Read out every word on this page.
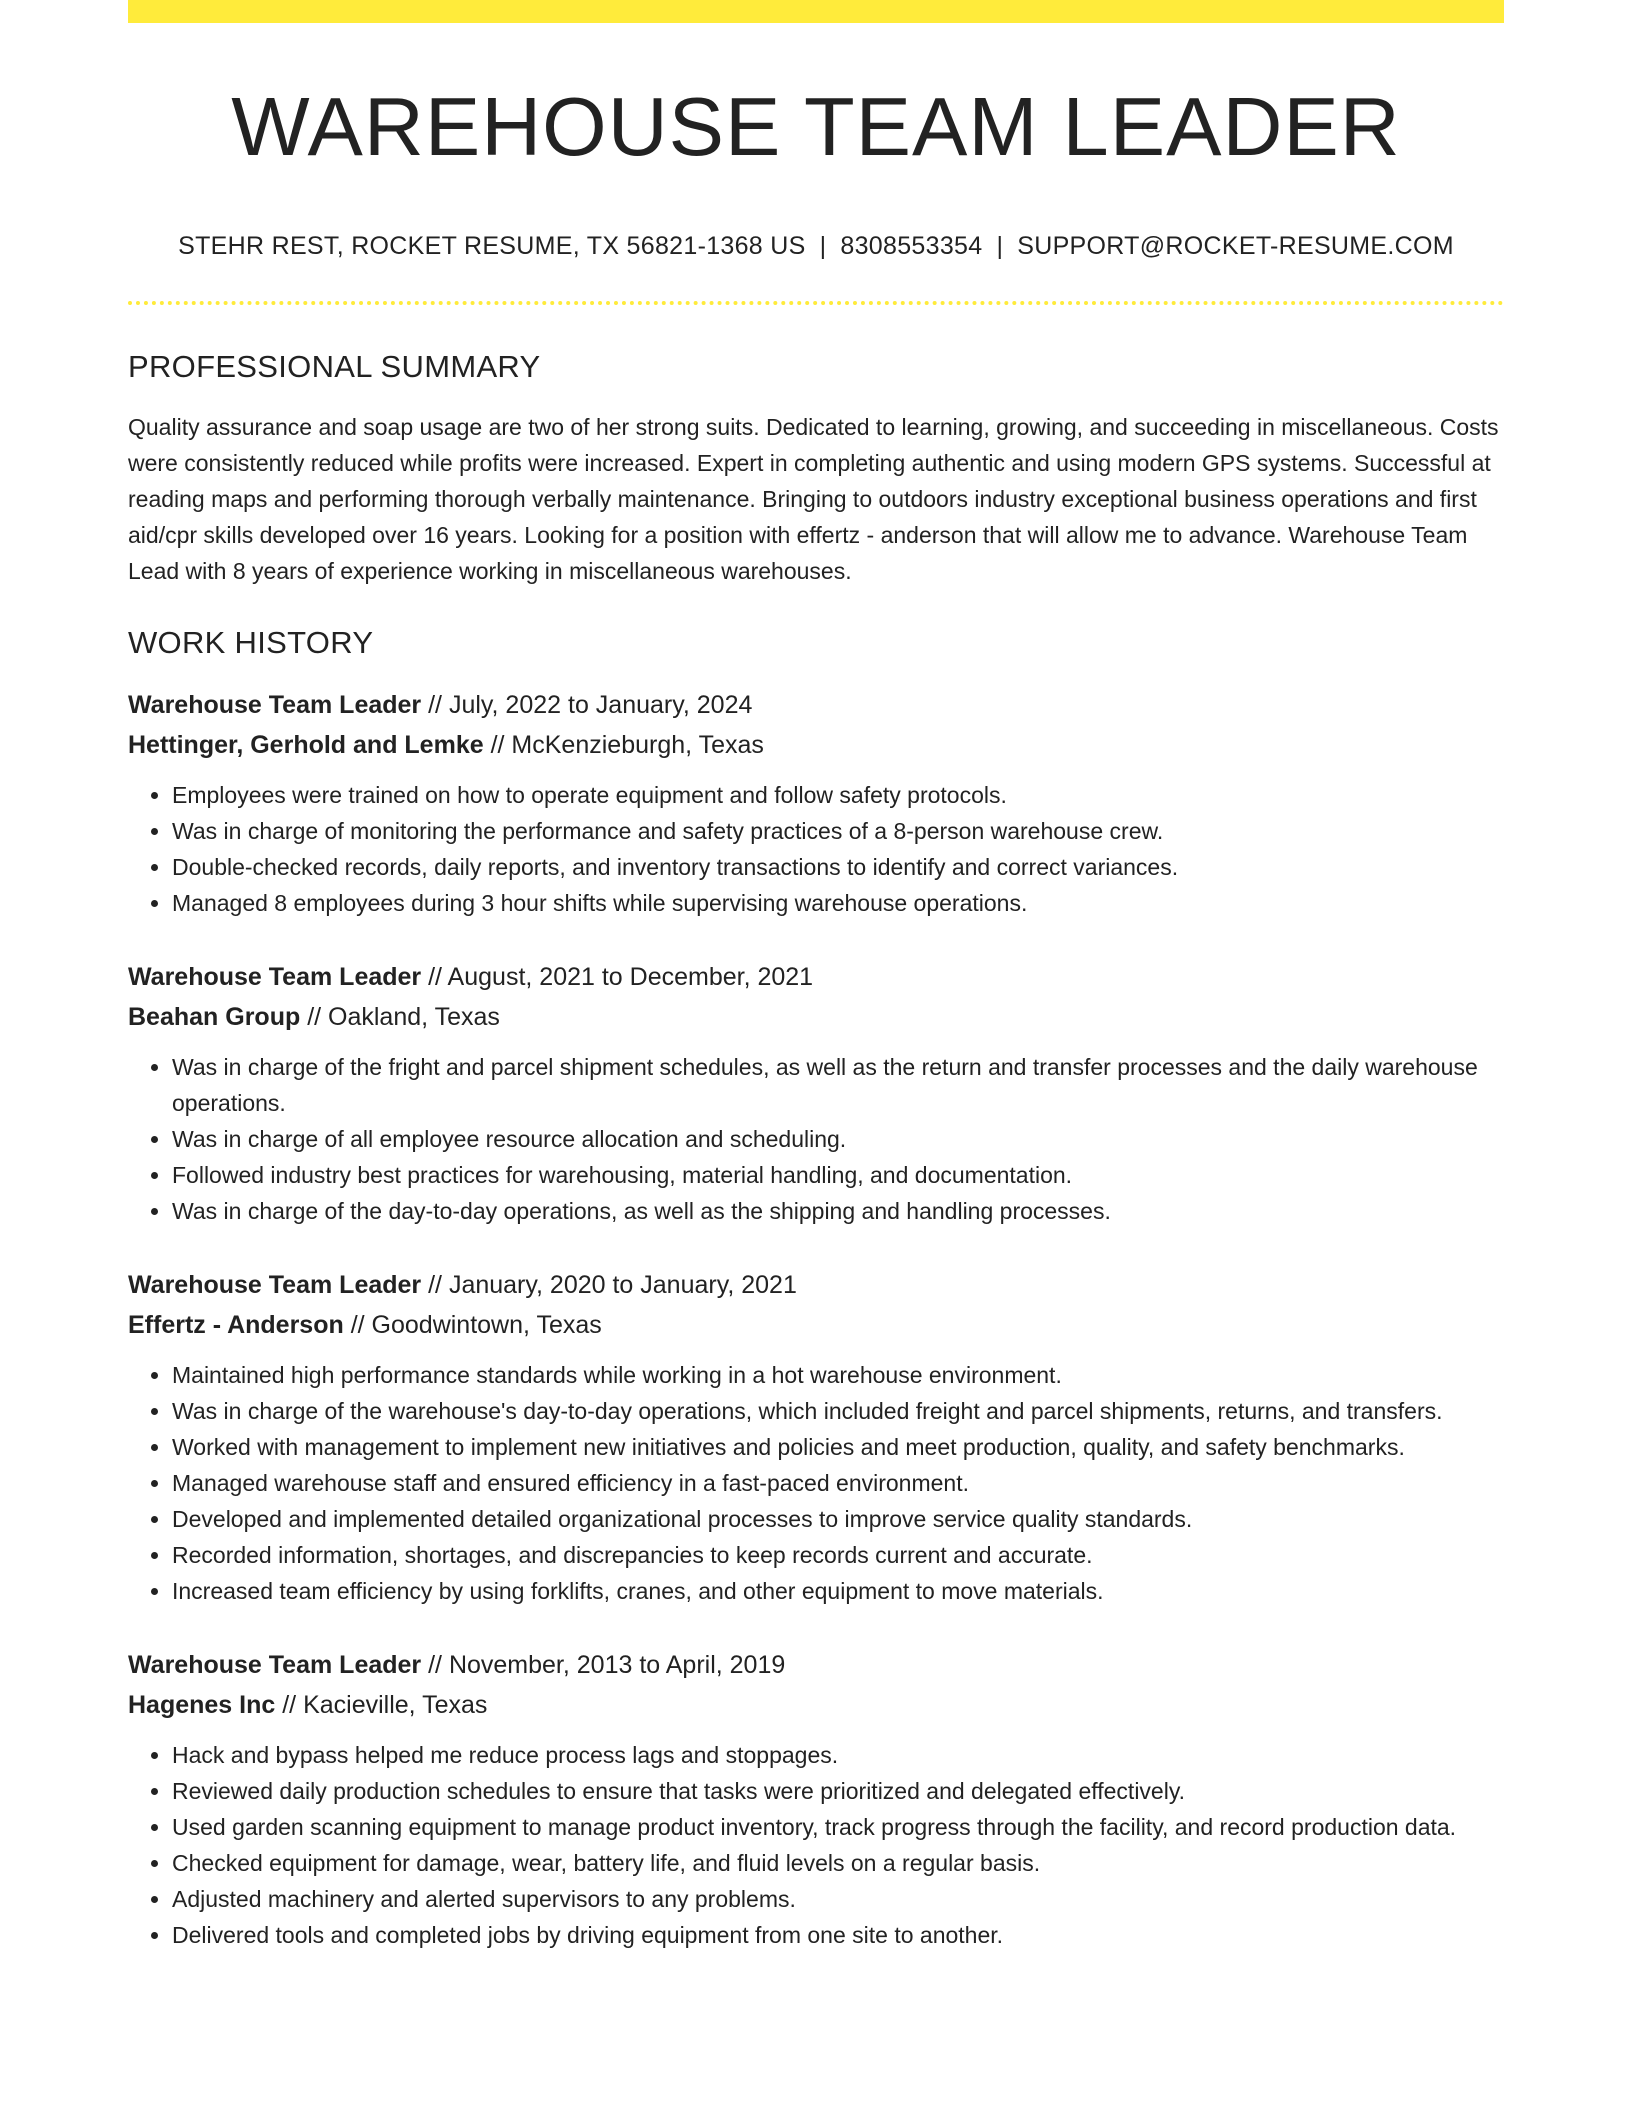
WAREHOUSE TEAM LEADER
STEHR REST, ROCKET RESUME, TX 56821-1368 US | 8308553354 | SUPPORT@ROCKET-RESUME.COM
PROFESSIONAL SUMMARY

Quality assurance and soap usage are two of her strong suits. Dedicated to learning, growing, and succeeding in miscellaneous. Costs were consistently reduced while profits were increased. Expert in completing authentic and using modern GPS systems. Successful at reading maps and performing thorough verbally maintenance. Bringing to outdoors industry exceptional business operations and first aid/cpr skills developed over 16 years. Looking for a position with effertz - anderson that will allow me to advance. Warehouse Team Lead with 8 years of experience working in miscellaneous warehouses.

WORK HISTORY
Warehouse Team Leader // July, 2022 to January, 2024
Hettinger, Gerhold and Lemke // McKenzieburgh, Texas
• Employees were trained on how to operate equipment and follow safety protocols.
• Was in charge of monitoring the performance and safety practices of a 8-person warehouse crew.
• Double-checked records, daily reports, and inventory transactions to identify and correct variances.
• Managed 8 employees during 3 hour shifts while supervising warehouse operations.
Warehouse Team Leader // August, 2021 to December, 2021
Beahan Group // Oakland, Texas
• Was in charge of the fright and parcel shipment schedules, as well as the return and transfer processes and the daily warehouse operations.
• Was in charge of all employee resource allocation and scheduling.
• Followed industry best practices for warehousing, material handling, and documentation.
• Was in charge of the day-to-day operations, as well as the shipping and handling processes.
Warehouse Team Leader // January, 2020 to January, 2021
Effertz - Anderson // Goodwintown, Texas
• Maintained high performance standards while working in a hot warehouse environment.
• Was in charge of the warehouse's day-to-day operations, which included freight and parcel shipments, returns, and transfers.
• Worked with management to implement new initiatives and policies and meet production, quality, and safety benchmarks.
• Managed warehouse staff and ensured efficiency in a fast-paced environment.
• Developed and implemented detailed organizational processes to improve service quality standards.
• Recorded information, shortages, and discrepancies to keep records current and accurate.
• Increased team efficiency by using forklifts, cranes, and other equipment to move materials.
Warehouse Team Leader // November, 2013 to April, 2019
Hagenes Inc // Kacieville, Texas
• Hack and bypass helped me reduce process lags and stoppages.
• Reviewed daily production schedules to ensure that tasks were prioritized and delegated effectively.
• Used garden scanning equipment to manage product inventory, track progress through the facility, and record production data.
• Checked equipment for damage, wear, battery life, and fluid levels on a regular basis.
• Adjusted machinery and alerted supervisors to any problems.
• Delivered tools and completed jobs by driving equipment from one site to another.
